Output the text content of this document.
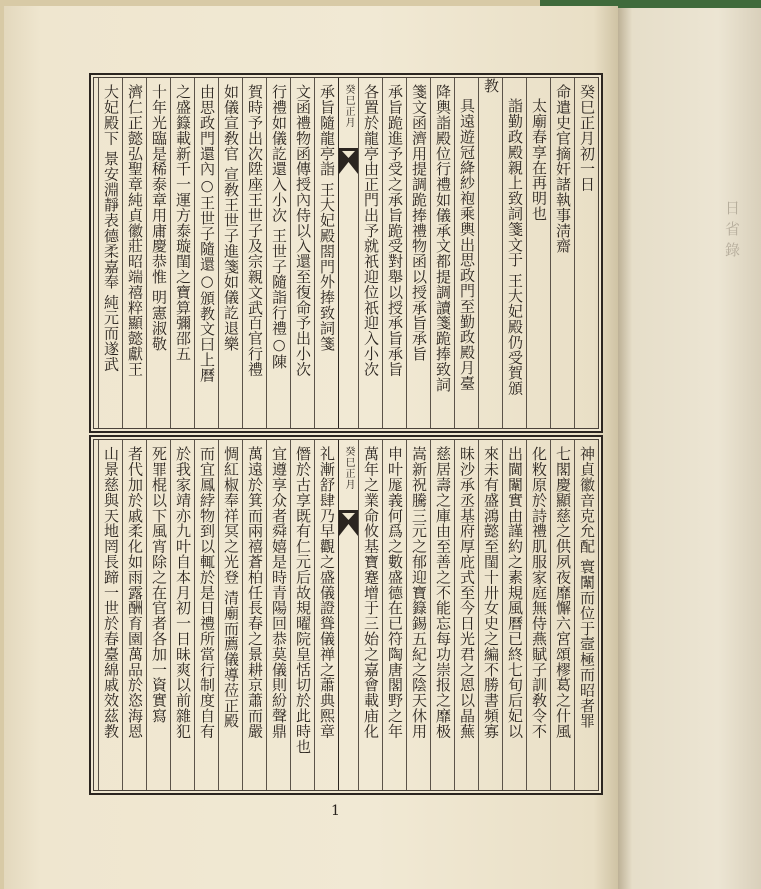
日省錄
癸巳正月初一日
命遣史官摘奸諸執事淸齋
太廟春享在再明也
詣勤政殿親上致詞箋文于 王大妃殿仍受賀頒
教
具遠遊冠絳紗袍乘輿出思政門至勤政殿月臺
降輿詣殿位行禮如儀承文都提調讀箋跪捧致詞
箋文函濟用提調跪捧禮物函以授承旨承旨
承旨跪進予受之承旨跪受對舉以授承旨承旨
各置於龍亭由正門出予就祇迎位祇迎入小次
癸巳正月
承旨隨龍亭詣 王大妃殿閤門外捧致詞箋
文函禮物函傳授內侍以入還至復命予出小次
行禮如儀訖還入小次 王世子隨詣行禮○陳
賀時予出次陞座王世子及宗親文武百官行禮
如儀宣敎官 宣敎王世子進箋如儀訖退樂
由思政門還內○王世子隨還○頒教文曰上曆
之盛籙載新千一運方泰璇閨之寶算彌邵五
十年光臨是稀泰章用庸慶恭惟 明憲淑敬
濟仁正懿弘聖章純貞徽莊昭端禧粹顯懿獻王
大妃殿下 景安淵靜表德柔嘉奉 純元而遂武
神貞徽音克允配 寰闈而位于壼極而昭者罪
七閣慶顯慈之供夙夜靡懈六宮頌樛葛之什風
化敉原於詩禮肌服家庭無侍燕賦子訓敎令不
出閫闈實由謹約之素規風曆已終七旬后妃以
來未有盛鴻懿至閨十卅女史之編不勝書頻寡
昧沙承丞基府厚庇式至今日光君之恩以晶蕪
慈居壽之庫由至善之不能忘每功崇报之靡极
嵩新祝騰三元之郁迎寶籙錫五紀之陰天休用
申叶厖義何爲之數盛德在已符陶唐閣野之年
萬年之業命攸基寶蹇增于三始之嘉會載庙化
癸巳正月
礼漸舒肆乃早觀之盛儀證聳儀禅之蕭典熙章
僭於古享既有仁元后故規曜院皇恬切於此時也
宜遵享众者舜嬉是時青陽回恭莫儀則紛聲鼎
萬遠於箕而兩禧蒼柏任長春之景耕京蕭而嚴
惆紅椒奉祥冥之光登 清廟而薦儀導莅正殿
而宜鳳綍物到以輒於是日禮所當行制度自有
於我家靖亦九叶自本月初一日昧爽以前雜犯
死罪棍以下風宵除之在官者各加一資實寫
者代加於戚柔化如雨露酬育園萬品於恣海恩
山景慈與天地罔長蹄一世於春臺綿戚效茲教
1
